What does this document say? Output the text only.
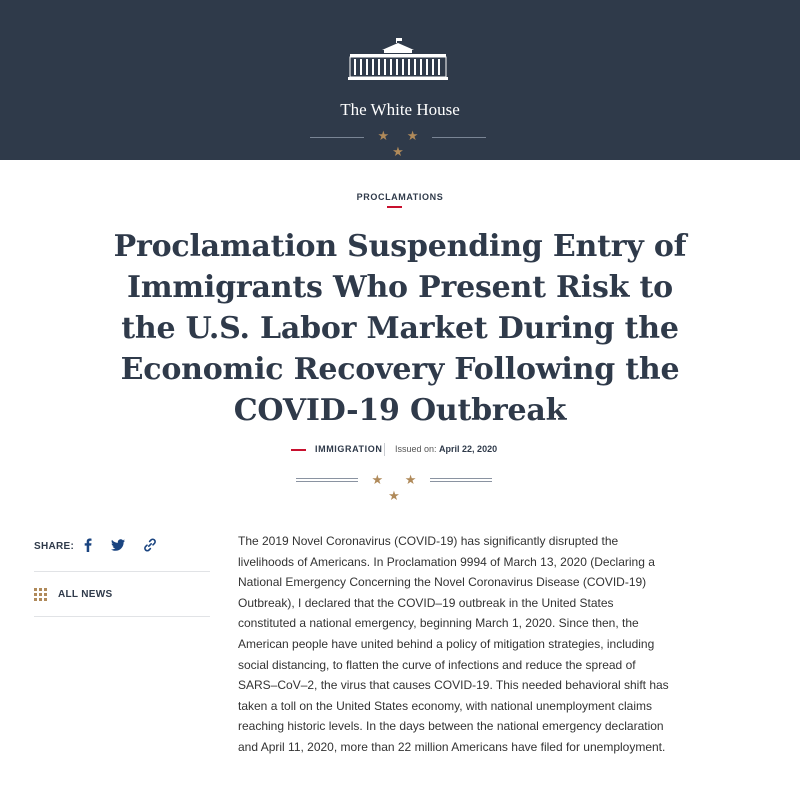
The White House
★ ★ ★
PROCLAMATIONS
Proclamation Suspending Entry of Immigrants Who Present Risk to the U.S. Labor Market During the Economic Recovery Following the COVID-19 Outbreak
IMMIGRATION Issued on: April 22, 2020
★ ★ ★
SHARE:
ALL NEWS

The 2019 Novel Coronavirus (COVID-19) has significantly disrupted the livelihoods of Americans. In Proclamation 9994 of March 13, 2020 (Declaring a National Emergency Concerning the Novel Coronavirus Disease (COVID-19) Outbreak), I declared that the COVID–19 outbreak in the United States constituted a national emergency, beginning March 1, 2020. Since then, the American people have united behind a policy of mitigation strategies, including social distancing, to flatten the curve of infections and reduce the spread of SARS–CoV–2, the virus that causes COVID-19. This needed behavioral shift has taken a toll on the United States economy, with national unemployment claims reaching historic levels. In the days between the national emergency declaration and April 11, 2020, more than 22 million Americans have filed for unemployment.
